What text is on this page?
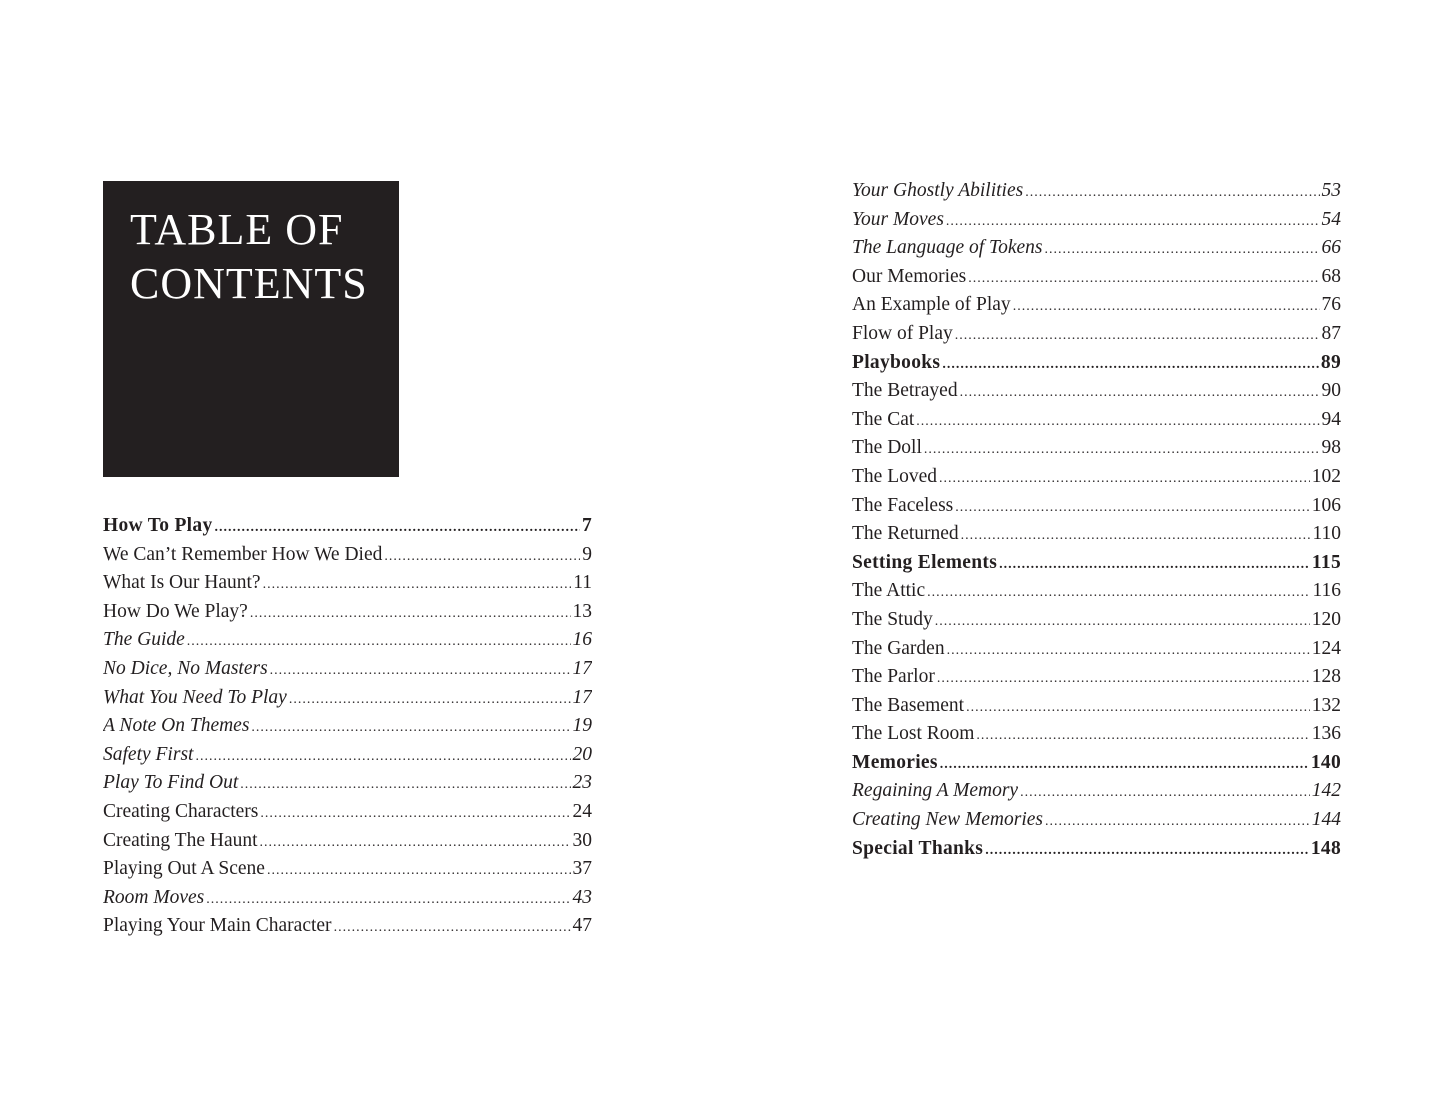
TABLE OF
CONTENTS
How To Play .....	7
We Can’t Remember How We Died .....	9
What Is Our Haunt? .....	11
How Do We Play? .....	13
The Guide .....	16
No Dice, No Masters .....	17
What You Need To Play .....	17
A Note On Themes .....	19
Safety First .....	20
Play To Find Out .....	23
Creating Characters .....	24
Creating The Haunt .....	30
Playing Out A Scene .....	37
Room Moves .....	43
Playing Your Main Character .....	47
Your Ghostly Abilities .....	53
Your Moves .....	54
The Language of Tokens .....	66
Our Memories .....	68
An Example of Play .....	76
Flow of Play .....	87
Playbooks .....	89
The Betrayed .....	90
The Cat .....	94
The Doll .....	98
The Loved .....	102
The Faceless .....	106
The Returned .....	110
Setting Elements .....	115
The Attic .....	116
The Study .....	120
The Garden .....	124
The Parlor .....	128
The Basement .....	132
The Lost Room .....	136
Memories .....	140
Regaining A Memory .....	142
Creating New Memories .....	144
Special Thanks .....	148
